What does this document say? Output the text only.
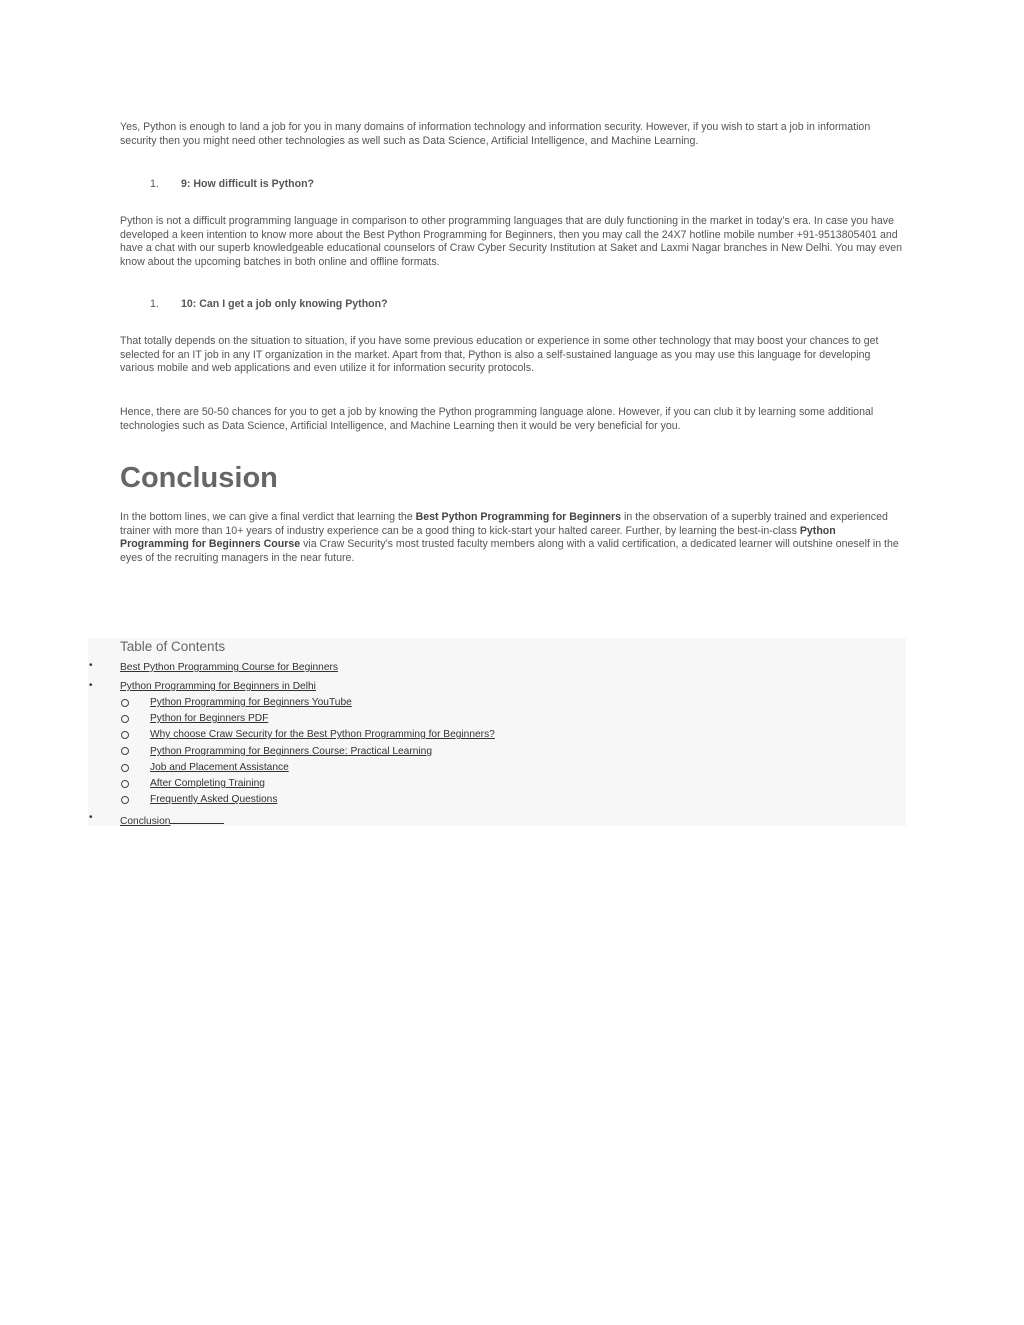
Yes, Python is enough to land a job for you in many domains of information technology and information security. However, if you wish to start a job in information security then you might need other technologies as well such as Data Science, Artificial Intelligence, and Machine Learning.

1. 9: How difficult is Python?

Python is not a difficult programming language in comparison to other programming languages that are duly functioning in the market in today’s era. In case you have developed a keen intention to know more about the Best Python Programming for Beginners, then you may call the 24X7 hotline mobile number +91-9513805401 and have a chat with our superb knowledgeable educational counselors of Craw Cyber Security Institution at Saket and Laxmi Nagar branches in New Delhi. You may even know about the upcoming batches in both online and offline formats.

1. 10: Can I get a job only knowing Python?

That totally depends on the situation to situation, if you have some previous education or experience in some other technology that may boost your chances to get selected for an IT job in any IT organization in the market. Apart from that, Python is also a self-sustained language as you may use this language for developing various mobile and web applications and even utilize it for information security protocols.

Hence, there are 50-50 chances for you to get a job by knowing the Python programming language alone. However, if you can club it by learning some additional technologies such as Data Science, Artificial Intelligence, and Machine Learning then it would be very beneficial for you.

Conclusion

In the bottom lines, we can give a final verdict that learning the Best Python Programming for Beginners in the observation of a superbly trained and experienced trainer with more than 10+ years of industry experience can be a good thing to kick-start your halted career. Further, by learning the best-in-class Python Programming for Beginners Course via Craw Security’s most trusted faculty members along with a valid certification, a dedicated learner will outshine oneself in the eyes of the recruiting managers in the near future.

Table of Contents
•	Best Python Programming Course for Beginners
•	Python Programming for Beginners in Delhi
Python Programming for Beginners YouTube
Python for Beginners PDF
Why choose Craw Security for the Best Python Programming for Beginners?
Python Programming for Beginners Course: Practical Learning
Job and Placement Assistance
After Completing Training
Frequently Asked Questions
•	Conclusion
